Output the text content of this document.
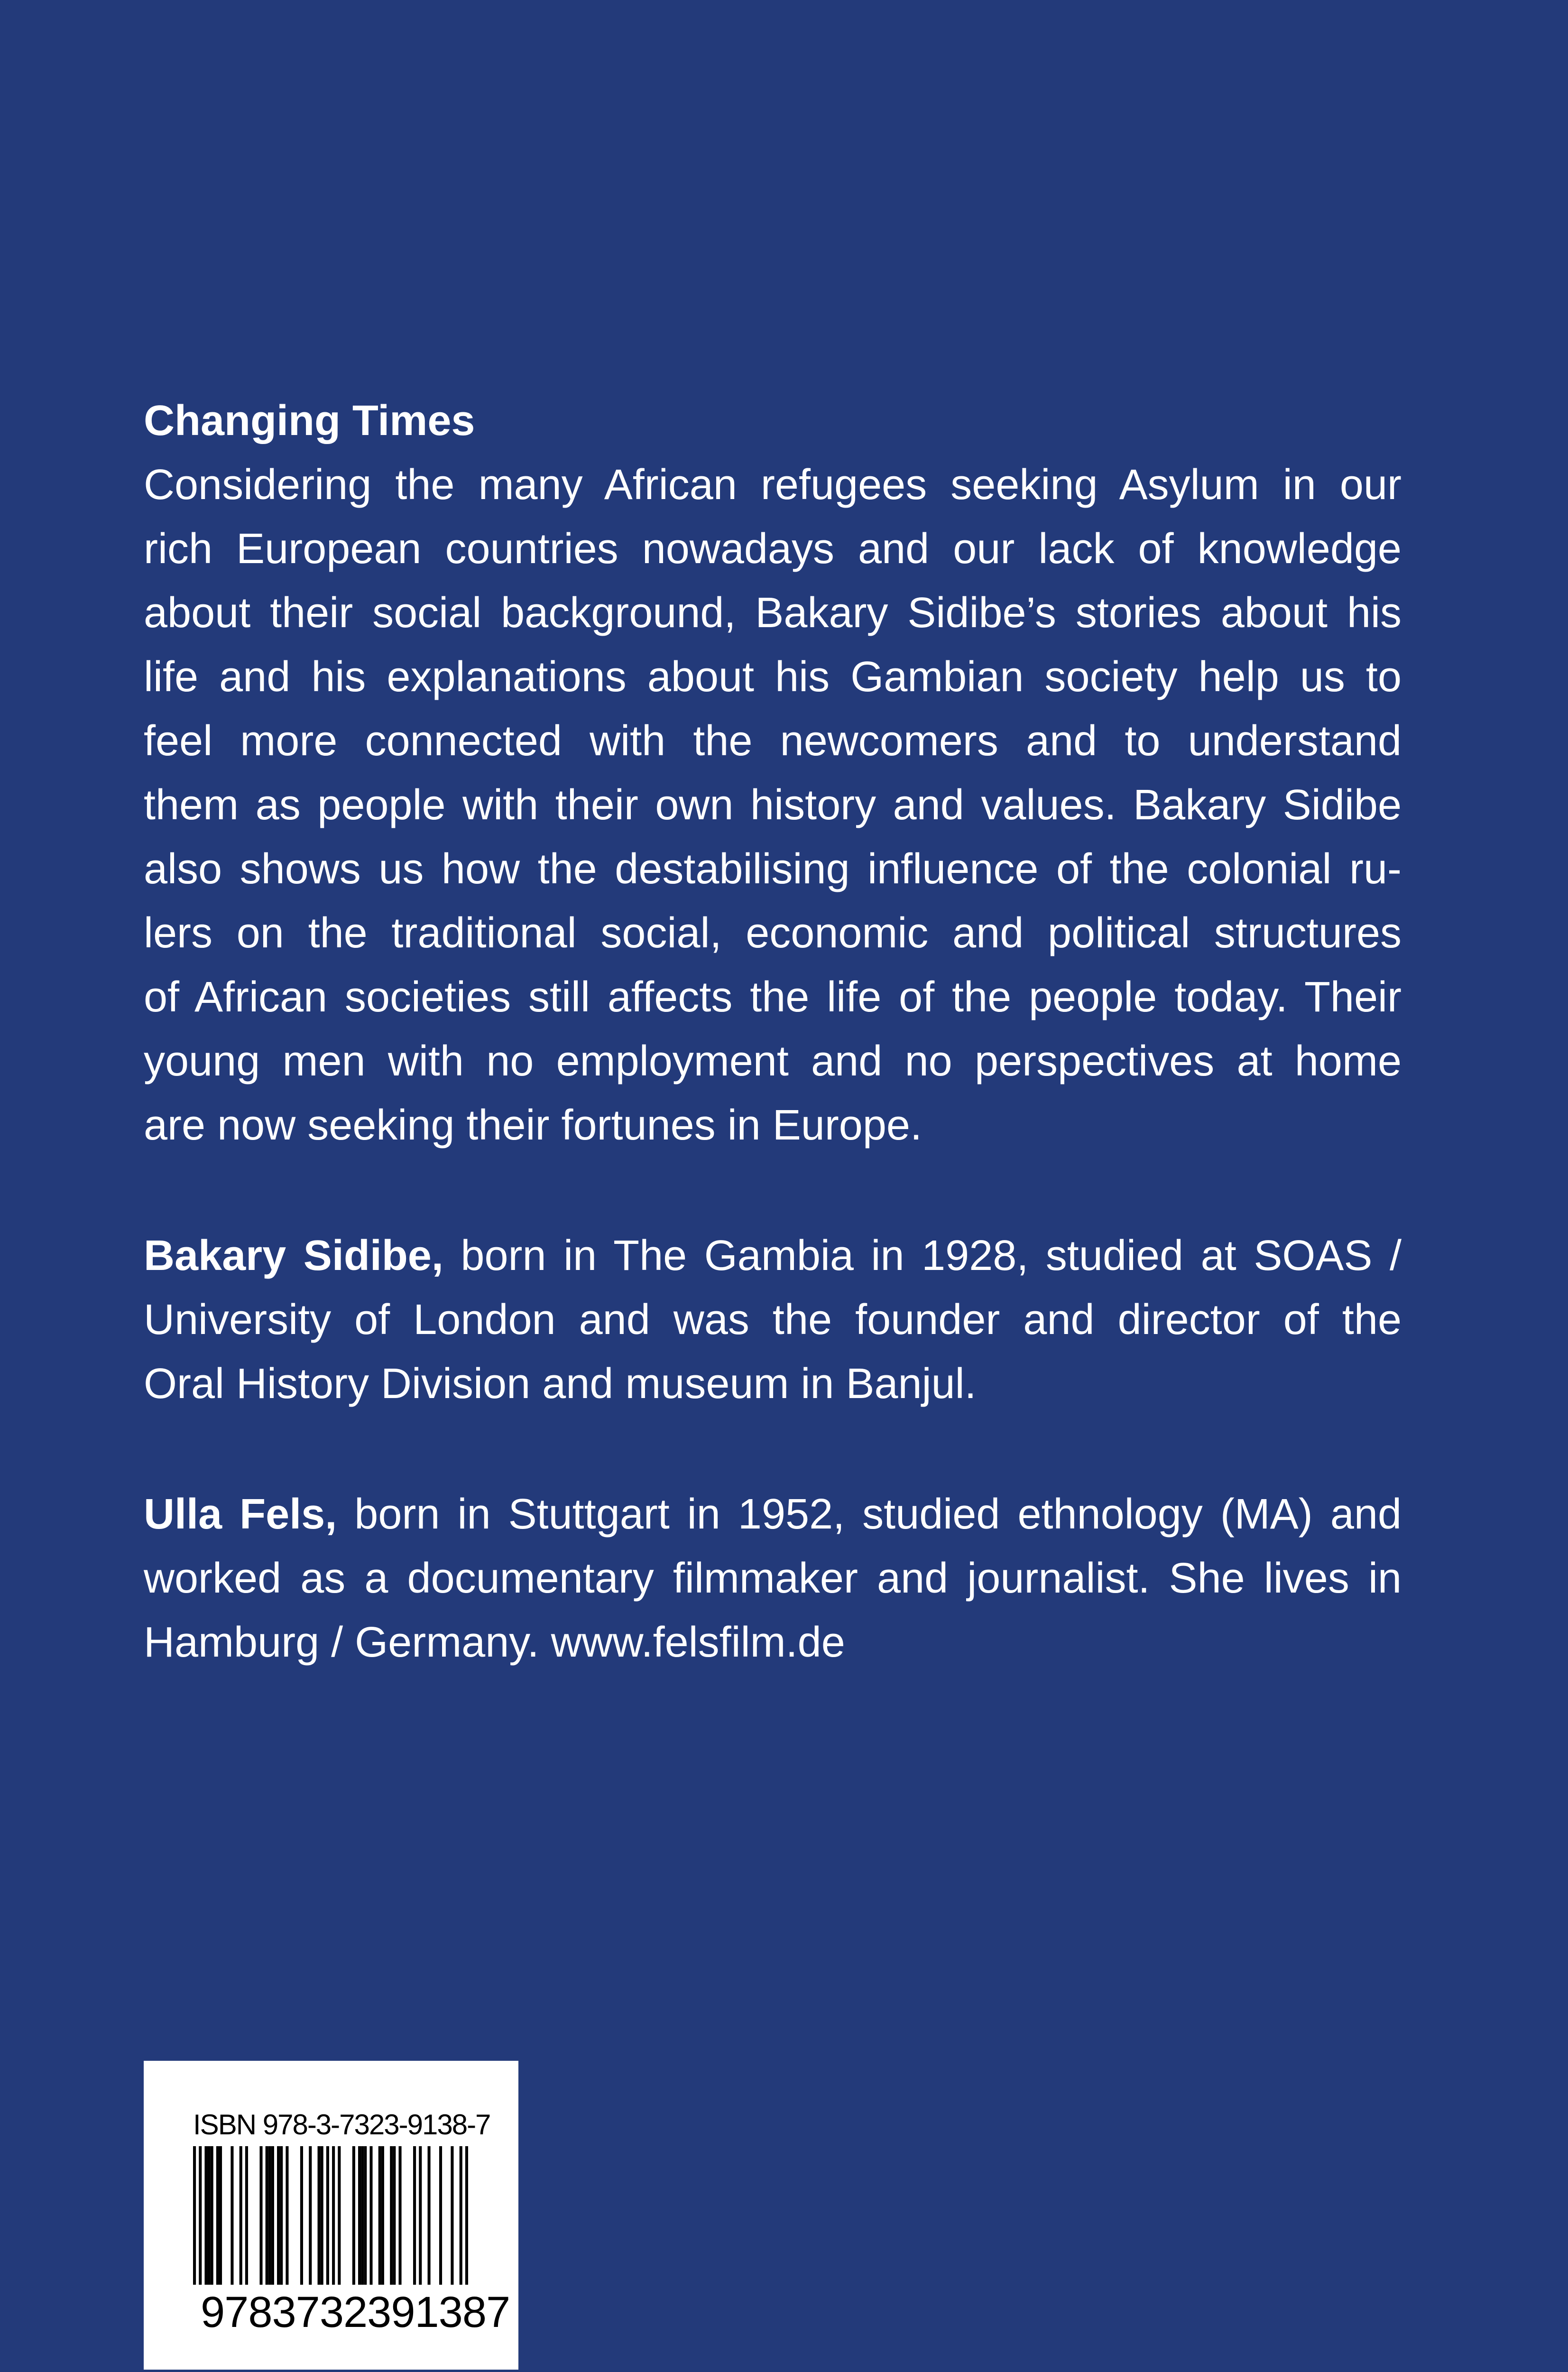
Changing Times
Considering the many African refugees seeking Asylum in our
rich European countries nowadays and our lack of knowledge
about their social background, Bakary Sidibe’s stories about his
life and his explanations about his Gambian society help us to
feel more connected with the newcomers and to understand
them as people with their own history and values. Bakary Sidibe
also shows us how the destabilising influence of the colonial ru-
lers on the traditional social, economic and political structures
of African societies still affects the life of the people today. Their
young men with no employment and no perspectives at home
are now seeking their fortunes in Europe.
Bakary Sidibe, born in The Gambia in 1928, studied at SOAS /
University of London and was the founder and director of the
Oral History Division and museum in Banjul.
Ulla Fels, born in Stuttgart in 1952, studied ethnology (MA) and
worked as a documentary filmmaker and journalist. She lives in
Hamburg / Germany. www.felsfilm.de
ISBN 978-3-7323-9138-7
9783732391387
